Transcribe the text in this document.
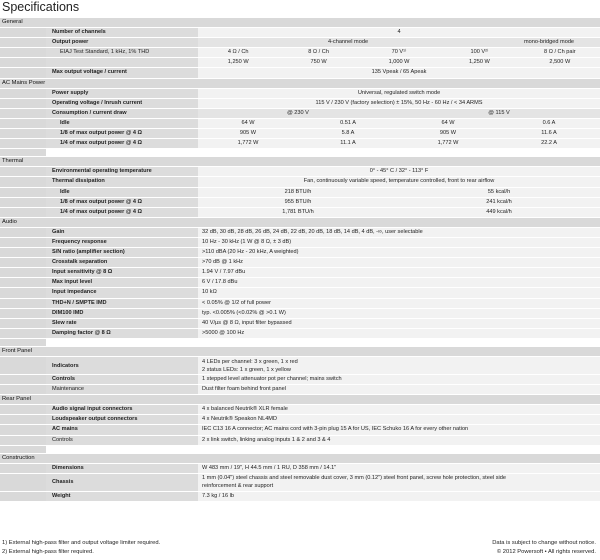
Specifications
General	
	Number of channels	4
	Output power	4-channel mode	mono-bridged mode
	EIAJ Test Standard, 1 kHz, 1% THD		4 Ω / Ch	8 Ω / Ch	70 V¹⁾	100 V²⁾	8 Ω / Ch pair

1,250 W	750 W	1,000 W	1,250 W	2,500 W

	Max output voltage / current	135 Vpeak / 65 Apeak
AC Mains Power	
	Power supply	Universal, regulated switch mode
	Operating voltage / Inrush current	115 V / 230 V (factory selection) ± 15%, 50 Hz - 60 Hz / < 34 ARMS
	Consumption / current draw	@ 230 V	@ 115 V
	Idle	64 W	0.51 A	64 W	0.6 A
	1/8 of max output power @ 4 Ω	905 W	5.8 A	905 W	11.6 A
	1/4 of max output power @ 4 Ω	1,772 W	11.1 A	1,772 W	22.2 A

Thermal	
	Environmental operating temperature	0° - 45° C / 32° - 113° F
	Thermal dissipation	Fan, continuously variable speed, temperature controlled, front to rear airflow
	Idle	218 BTU/h	55 kcal/h
	1/8 of max output power @ 4 Ω	955 BTU/h	241 kcal/h
	1/4 of max output power @ 4 Ω	1,781 BTU/h	449 kcal/h
Audio	
	Gain	32 dB, 30 dB, 28 dB, 26 dB, 24 dB, 22 dB, 20 dB, 18 dB, 14 dB, 4 dB, -∞, user selectable
	Frequency response	10 Hz - 30 kHz (1 W @ 8 Ω, ± 3 dB)
	S/N ratio (amplifier section)	>110 dBA (20 Hz - 20 kHz, A weighted)
	Crosstalk separation	>70 dB @ 1 kHz
	Input sensitivity @ 8 Ω	1.94 V / 7.97 dBu
	Max input level	6 V / 17.8 dBu
	Input impedance	10 kΩ
	THD+N / SMPTE IMD	< 0.05% @ 1/2 of full power
	DIM100 IMD	typ. <0.005% (<0.02% @ >0.1 W)
	Slew rate	40 V/µs @ 8 Ω, input filter bypassed
	Damping factor @ 8 Ω	>5000 @ 100 Hz

Front Panel	
	Indicators	
4 LEDs per channel: 3 x green, 1 x red
2 status LEDs: 1 x green, 1 x yellow

	Controls	1 stepped level attenuator pot per channel; mains switch
	Maintenance	Dust filter foam behind front panel
Rear Panel	
	Audio signal input connectors	4 x balanced Neutrik® XLR female
	Loudspeaker output connectors	4 x Neutrik® Speakon NL4MD
	AC mains	IEC C13 16 A connector; AC mains cord with 3-pin plug 15 A for US, IEC Schuko 16 A for every other nation
	Controls	2 x link switch, linking analog inputs 1 & 2 and 3 & 4

Construction	
	Dimensions	W 483 mm / 19", H 44.5 mm / 1 RU, D 358 mm / 14.1"
	Chassis	
1 mm (0.04") steel chassis and steel removable dust cover, 3 mm (0.12") steel front panel, screw hole protection, steel side
reinforcement & rear support

	Weight	7.3 kg / 16 lb
1) External high-pass filter and output voltage limiter required.
2) External high-pass filter required.
Data is subject to change without notice.
© 2012 Powersoft • All rights reserved.
